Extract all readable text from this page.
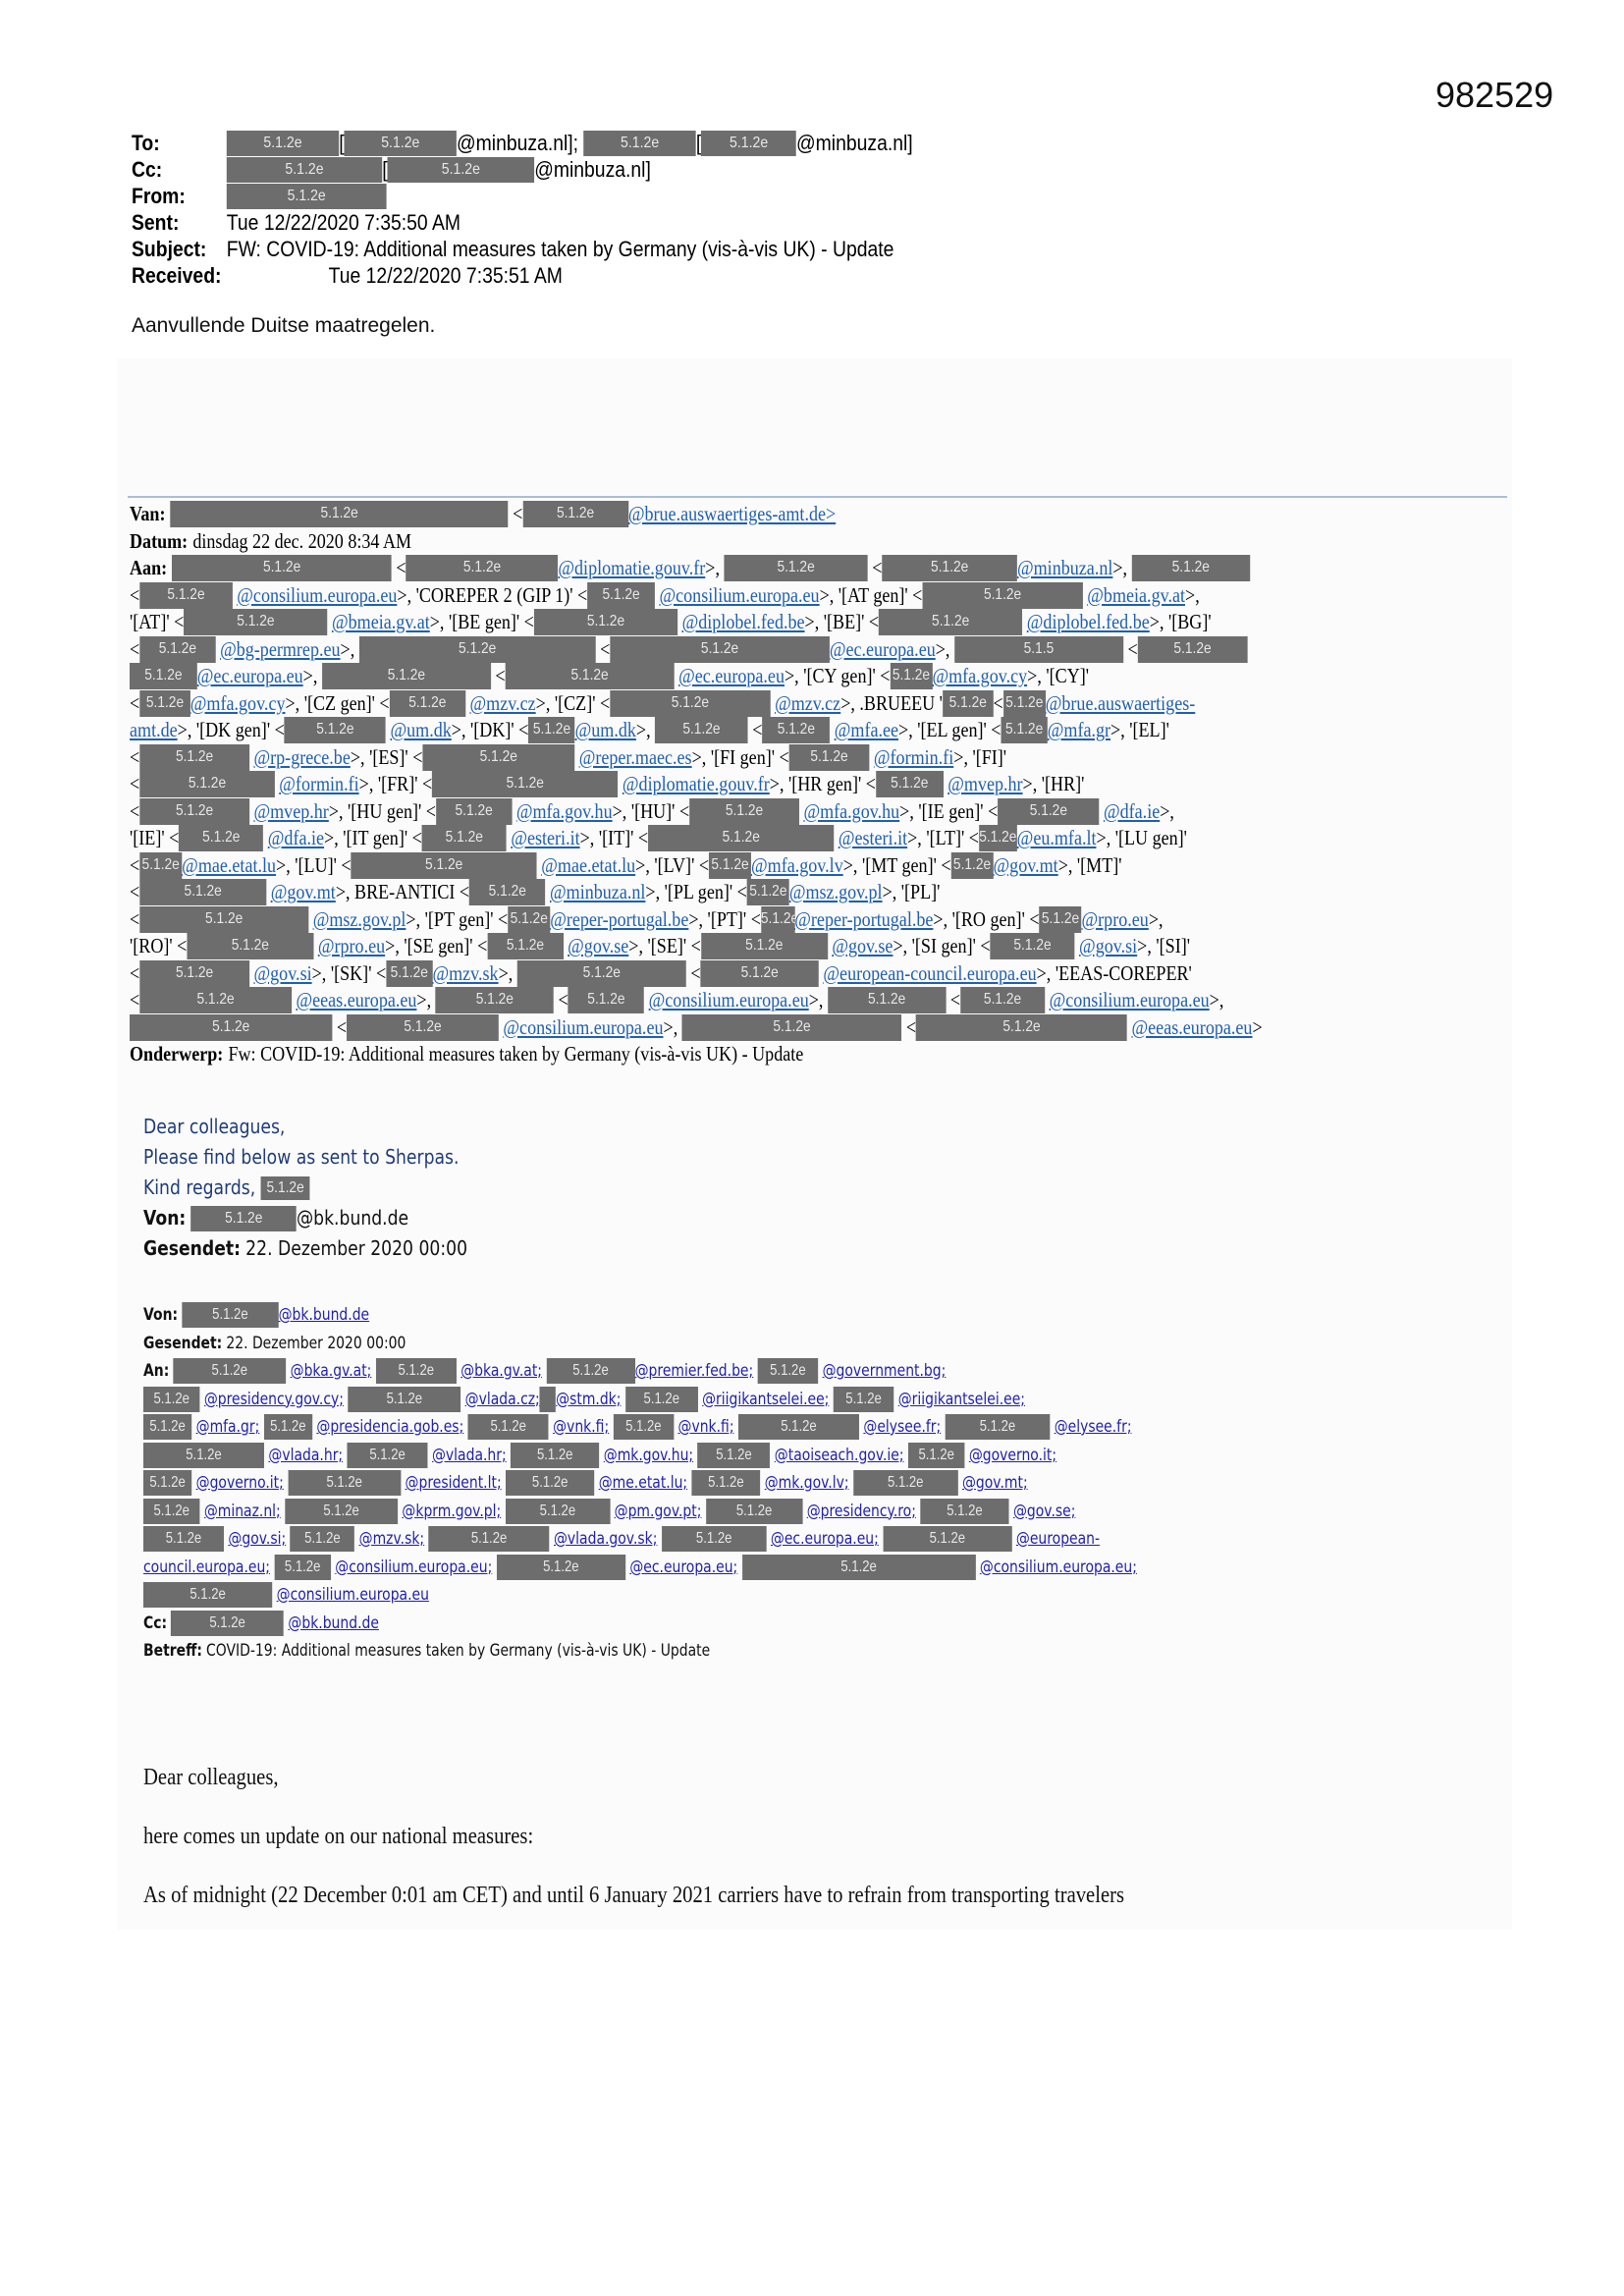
982529
To:	5.1.2e	[	5.1.2e	@minbuza.nl];
	5.1.2e	[	5.1.2e	@minbuza.nl]
Cc:	5.1.2e	[	5.1.2e	@minbuza.nl]
From:	5.1.2e
Sent:	Tue 12/22/2020 7:35:50 AM
Subject: FW: COVID-19: Additional measures taken by Germany (vis-à-vis UK) - Update
Received:	Tue 12/22/2020 7:35:51 AM
Aanvullende Duitse maatregelen.
Van:	5.1.2e	<	5.1.2e	@brue.auswaertiges-amt.de>
Datum: dinsdag 22 dec. 2020 8:34 AM
Aan:	5.1.2e	<	5.1.2e	@diplomatie.gouv.fr >,	5.1.2e	<	5.1.2e	@minbuza.nl >,	5.1.2e
<	5.1.2e
	@consilium.europa.eu >, 'COREPER 2 (GIP 1)' < 5.1.2e
@consilium.europa.eu >, '[AT gen]' <	5.1.2e
	@bmeia.gv.at >,
'[AT]' <	5.1.2e
	@bmeia.gv.at >, '[BE gen]' <	5.1.2e
	@diplobel.fed.be >, '[BE]' <	5.1.2e
	@diplobel.fed.be >, '[BG]'
<	5.1.2e
	@bg-permrep.eu >,	5.1.2e	<	5.1.2e	@ec.europa.eu >,	5.1.5	<	5.1.2e
5.1.2e @ec.europa.eu >,	5.1.2e	<	5.1.2e
	@ec.europa.eu >, '[CY gen]' < 5.1.2e @mfa.gov.cy >, '[CY]'
< 5.1.2e @mfa.gov.cy >, '[CZ gen]' <	5.1.2e
	@mzv.cz >, '[CZ]' <	5.1.2e
	@mzv.cz >, .BRUEEU ' 5.1.2e < 5.1.2e @brue.auswaertiges-
amt.de >, '[DK gen]' <	5.1.2e
	@um.dk >, '[DK]' < 5.1.2e @um.dk >,	5.1.2e	< 5.1.2e
@mfa.ee >, '[EL gen]' < 5.1.2e @mfa.gr >, '[EL]'
<	5.1.2e
	@rp-grece.be >, '[ES]' <	5.1.2e
	@reper.maec.es >, '[FI gen]' <	5.1.2e
	@formin.fi >, '[FI]'
<	5.1.2e
	@formin.fi >, '[FR]' <	5.1.2e
	@diplomatie.gouv.fr >, '[HR gen]' < 5.1.2e
@mvep.hr >, '[HR]'
<	5.1.2e
	@mvep.hr >, '[HU gen]' <	5.1.2e
	@mfa.gov.hu >, '[HU]' <	5.1.2e
	@mfa.gov.hu >, '[IE gen]' <	5.1.2e
	@dfa.ie >,
'[IE]' <	5.1.2e
	@dfa.ie >, '[IT gen]' <	5.1.2e
	@esteri.it >, '[IT]' <	5.1.2e
	@esteri.it >, '[LT]' < 5.1.2e @eu.mfa.lt >, '[LU gen]'
< 5.1.2e @mae.etat.lu >, '[LU]' <	5.1.2e
	@mae.etat.lu >, '[LV]' < 5.1.2e @mfa.gov.lv >, '[MT gen]' < 5.1.2e @gov.mt >, '[MT]'
<	5.1.2e
	@gov.mt >, BRE-ANTICI <	5.1.2e
	@minbuza.nl >, '[PL gen]' < 5.1.2e @msz.gov.pl >, '[PL]'
<	5.1.2e
	@msz.gov.pl >, '[PT gen]' < 5.1.2e @reper-portugal.be >, '[PT]' < 5.1.2e
@reper-portugal.be >, '[RO gen]' < 5.1.2e @rpro.eu >,
'[RO]' <	5.1.2e
	@rpro.eu >, '[SE gen]' <	5.1.2e
	@gov.se >, '[SE]' <	5.1.2e
	@gov.se >, '[SI gen]' <	5.1.2e
	@gov.si >, '[SI]'
<	5.1.2e
	@gov.si >, '[SK]' < 5.1.2e @mzv.sk >,	5.1.2e	<	5.1.2e
	@european-council.europa.eu >, 'EEAS-COREPER'
<	5.1.2e
	@eeas.europa.eu >,	5.1.2e	<	5.1.2e
	@consilium.europa.eu >,	5.1.2e	<	5.1.2e
	@consilium.europa.eu >,
5.1.2e	<	5.1.2e
	@consilium.europa.eu >,	5.1.2e	<	5.1.2e
	@eeas.europa.eu >
Onderwerp: Fw: COVID-19: Additional measures taken by Germany (vis-à-vis UK) - Update
Dear colleagues,
Please find below as sent to Sherpas.
Kind regards,
5.1.2e
Von:	5.1.2e	@bk.bund.de
Gesendet: 22. Dezember 2020 00:00
Von:	5.1.2e	@bk.bund.de
Gesendet: 22. Dezember 2020 00:00
An:	5.1.2e
	@bka.gv.at;
	5.1.2e
	@bka.gv.at;
	5.1.2e	@premier.fed.be;
	5.1.2e
@government.bg;
5.1.2e
@presidency.gov.cy;
	5.1.2e
	@vlada.cz; @stm.dk;
	5.1.2e
	@riigikantselei.ee;
	5.1.2e
@riigikantselei.ee;
5.1.2e
@mfa.gr;
5.1.2e
@presidencia.gob.es;
	5.1.2e
	@vnk.fi;
	5.1.2e
@vnk.fi;
	5.1.2e
	@elysee.fr;
	5.1.2e
	@elysee.fr;
5.1.2e
	@vlada.hr;
	5.1.2e
	@vlada.hr;
	5.1.2e
	@mk.gov.hu;
	5.1.2e
	@taoiseach.gov.ie;
5.1.2e
@governo.it;
5.1.2e
@governo.it;
	5.1.2e
	@president.lt;
	5.1.2e
	@me.etat.lu;
	5.1.2e
	@mk.gov.lv;
	5.1.2e
	@gov.mt;
5.1.2e
@minaz.nl;
	5.1.2e
	@kprm.gov.pl;
	5.1.2e
	@pm.gov.pt;
	5.1.2e
	@presidency.ro;
	5.1.2e
	@gov.se;
5.1.2e
	@gov.si;
	5.1.2e
	@mzv.sk;
	5.1.2e
	@vlada.gov.sk;
	5.1.2e
	@ec.europa.eu;
	5.1.2e
	@european-
council.europa.eu;
5.1.2e
@consilium.europa.eu;
	5.1.2e
	@ec.europa.eu;
	5.1.2e
	@consilium.europa.eu;
5.1.2e
	@consilium.europa.eu
Cc:	5.1.2e
	@bk.bund.de
Betreff: COVID-19: Additional measures taken by Germany (vis-à-vis UK) - Update
Dear colleagues,
here comes un update on our national measures:
As of midnight (22 December 0:01 am CET) and until 6 January 2021 carriers have to refrain from transporting travelers
